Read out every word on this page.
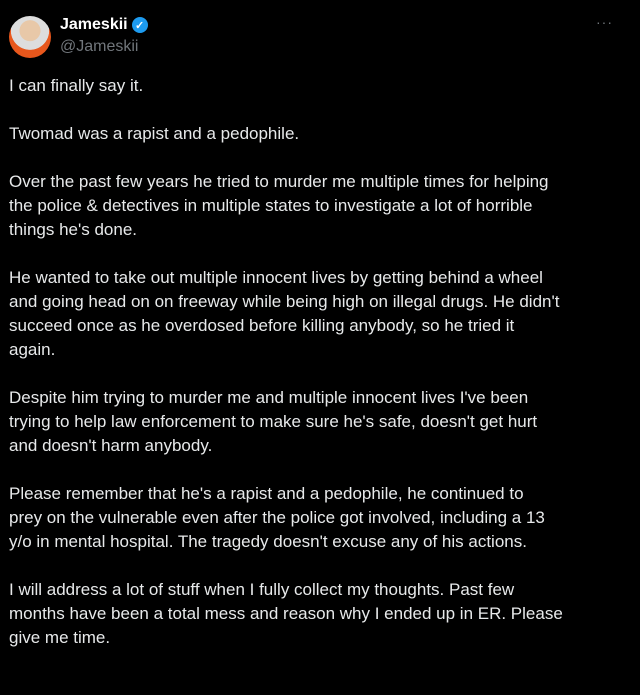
Jameskii ✓
@Jameskii
···
I can finally say it.
Twomad was a rapist and a pedophile.
Over the past few years he tried to murder me multiple times for helping
the police & detectives in multiple states to investigate a lot of horrible
things he's done.
He wanted to take out multiple innocent lives by getting behind a wheel
and going head on on freeway while being high on illegal drugs. He didn't
succeed once as he overdosed before killing anybody, so he tried it
again.
Despite him trying to murder me and multiple innocent lives I've been
trying to help law enforcement to make sure he's safe, doesn't get hurt
and doesn't harm anybody.
Please remember that he's a rapist and a pedophile, he continued to
prey on the vulnerable even after the police got involved, including a 13
y/o in mental hospital. The tragedy doesn't excuse any of his actions.
I will address a lot of stuff when I fully collect my thoughts. Past few
months have been a total mess and reason why I ended up in ER. Please
give me time.
